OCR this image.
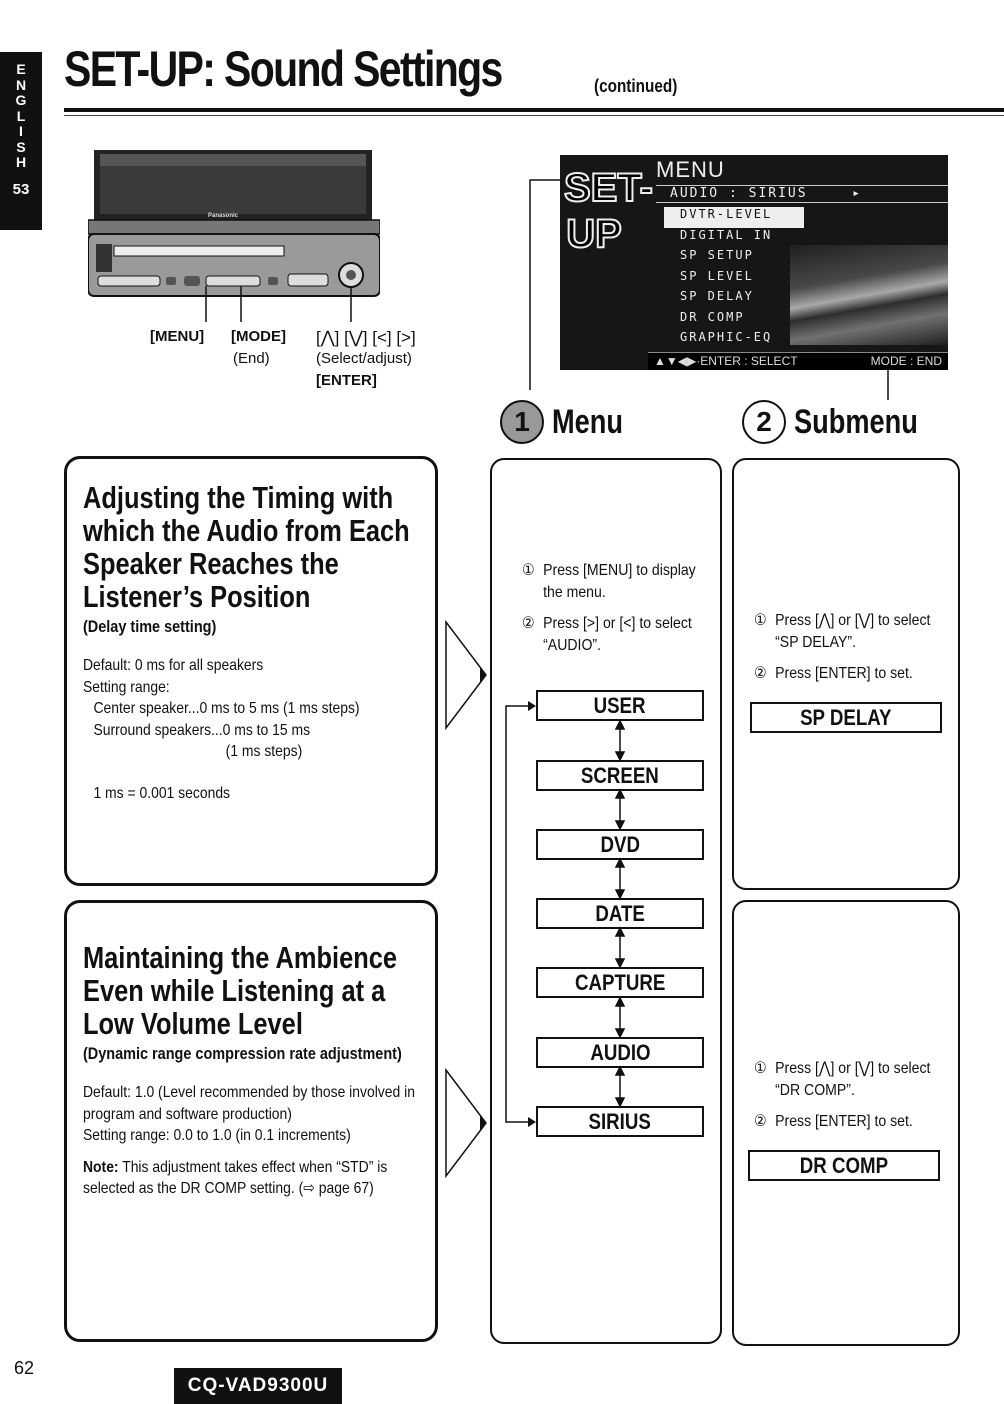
E
N
G
L
I
S
H
53
SET-UP: Sound Settings	(continued)
Panasonic
[MENU] [MODE]
(End)
[⋀] [⋁] [<] [>]
(Select/adjust)
[ENTER]
SET-UP
MENU
AUDIO : SIRIUS	▸
DVTR-LEVEL
DIGITAL IN
SP SETUP
SP LEVEL
SP DELAY
DR COMP
GRAPHIC-EQ
▲▼◀▶·ENTER : SELECT	MODE : END
1 Menu	2 Submenu
Adjusting the Timing with which the Audio from Each Speaker Reaches the Listener’s Position
(Delay time setting)
Default: 0 ms for all speakers
Setting range:
Center speaker...0 ms to 5 ms (1 ms steps)
Surround speakers...0 ms to 15 ms
(1 ms steps)
1 ms = 0.001 seconds
Maintaining the Ambience Even while Listening at a Low Volume Level
(Dynamic range compression rate adjustment)
Default: 1.0 (Level recommended by those involved in program and software production)
Setting range: 0.0 to 1.0 (in 0.1 increments)
Note: This adjustment takes effect when “STD” is selected as the DR COMP setting. (⇨ page 67)
① Press [MENU] to display the menu.
② Press [>] or [<] to select “AUDIO”.
USER
SCREEN
DVD
DATE
CAPTURE
AUDIO
SIRIUS
① Press [⋀] or [⋁] to select “SP DELAY”.
② Press [ENTER] to set.
SP DELAY
① Press [⋀] or [⋁] to select “DR COMP”.
② Press [ENTER] to set.
DR COMP
62
CQ-VAD9300U
